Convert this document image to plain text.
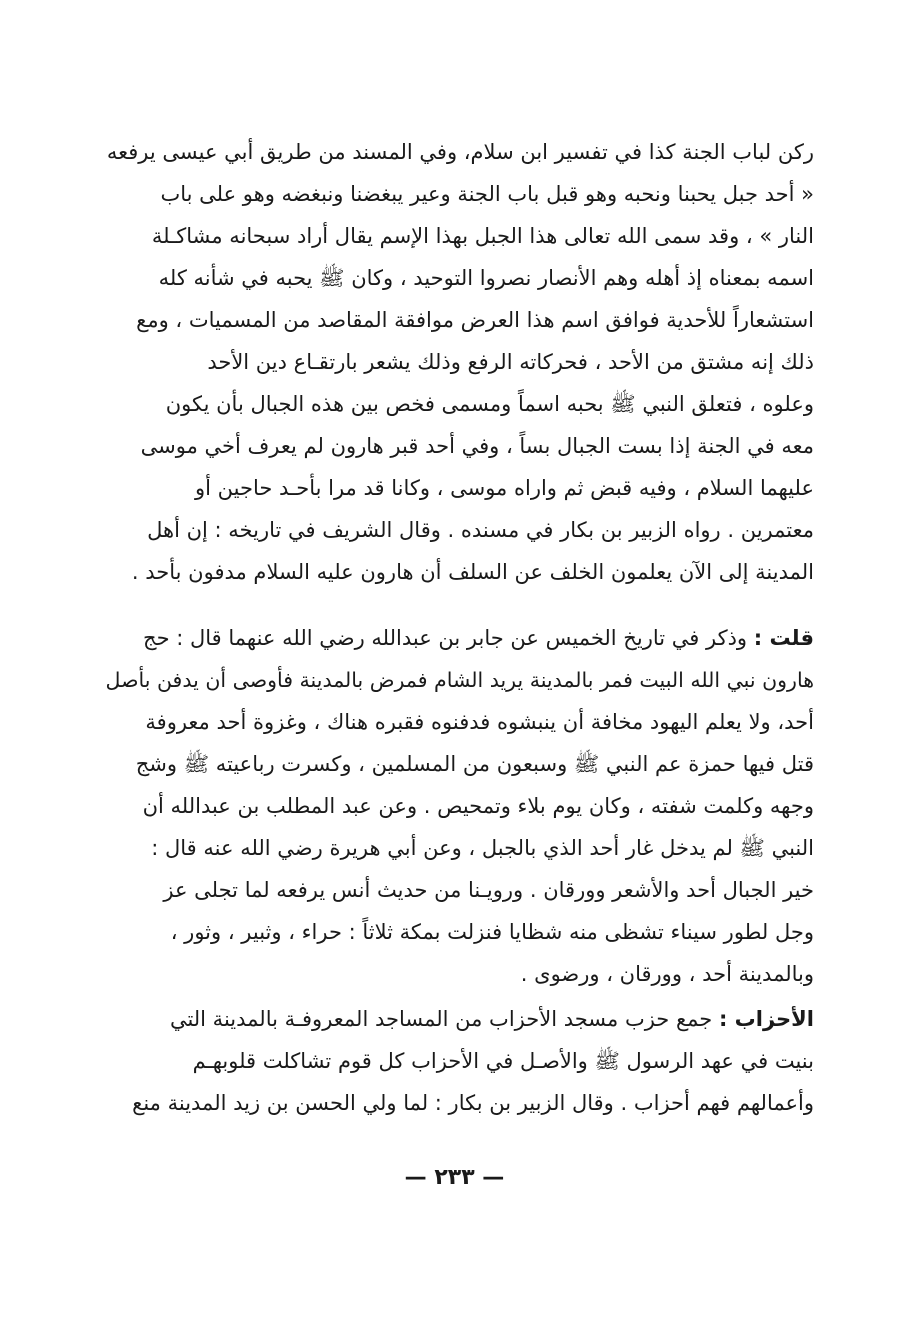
ركن لباب الجنة كذا في تفسير ابن سلام، وفي المسند من طريق أبي عيسى يرفعه
« أحد جبل يحبنا ونحبه وهو قبل باب الجنة وعير يبغضنا ونبغضه وهو على باب
النار » ، وقد سمى الله تعالى هذا الجبل بهذا الإسم يقال أراد سبحانه مشاكـلة
اسمه بمعناه إذ أهله وهم الأنصار نصروا التوحيد ، وكان ﷺ يحبه في شأنه كله
استشعاراً للأحدية فوافق اسم هذا العرض موافقة المقاصد من المسميات ، ومع
ذلك إنه مشتق من الأحد ، فحركاته الرفع وذلك يشعر بارتقـاع دين الأحد
وعلوه ، فتعلق النبي ﷺ بحبه اسماً ومسمى فخص بين هذه الجبال بأن يكون
معه في الجنة إذا بست الجبال بساً ، وفي أحد قبر هارون لم يعرف أخي موسى
عليهما السلام ، وفيه قبض ثم واراه موسى ، وكانا قد مرا بأحـد حاجين أو
معتمرين . رواه الزبير بن بكار في مسنده . وقال الشريف في تاريخه : إن أهل
المدينة إلى الآن يعلمون الخلف عن السلف أن هارون عليه السلام مدفون بأحد .
قلت : وذكر في تاريخ الخميس عن جابر بن عبدالله رضي الله عنهما قال : حج
هارون نبي الله البيت فمر بالمدينة يريد الشام فمرض بالمدينة فأوصى أن يدفن بأصل
أحد، ولا يعلم اليهود مخافة أن ينبشوه فدفنوه فقبره هناك ، وغزوة أحد معروفة
قتل فيها حمزة عم النبي ﷺ وسبعون من المسلمين ، وكسرت رباعيته ﷺ وشج
وجهه وكلمت شفته ، وكان يوم بلاء وتمحيص . وعن عبد المطلب بن عبدالله أن
النبي ﷺ لم يدخل غار أحد الذي بالجبل ، وعن أبي هريرة رضي الله عنه قال :
خير الجبال أحد والأشعر وورقان . ورويـنا من حديث أنس يرفعه لما تجلى عز
وجل لطور سيناء تشظى منه شظايا فنزلت بمكة ثلاثاً : حراء ، وثبير ، وثور ،
وبالمدينة أحد ، وورقان ، ورضوى .
الأحزاب : جمع حزب مسجد الأحزاب من المساجد المعروفـة بالمدينة التي
بنيت في عهد الرسول ﷺ والأصـل في الأحزاب كل قوم تشاكلت قلوبهـم
وأعمالهم فهم أحزاب . وقال الزبير بن بكار : لما ولي الحسن بن زيد المدينة منع
— ٢٣٣ —
